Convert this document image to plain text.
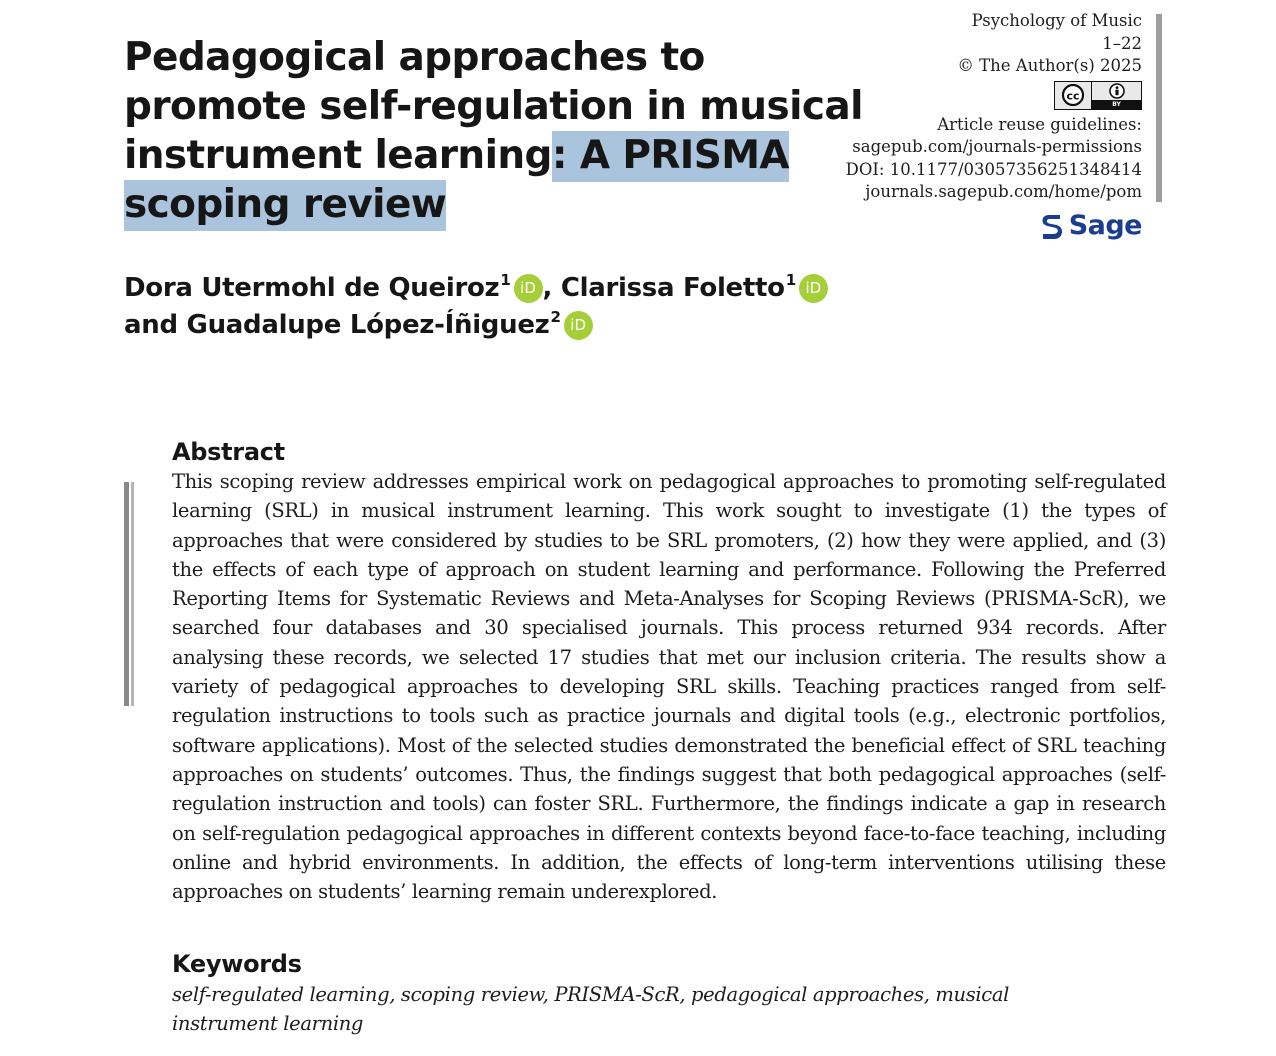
Pedagogical approaches to promote self-regulation in musical instrument learning: A PRISMA scoping review
Psychology of Music
1–22
© The Author(s) 2025
cc
BY
Article reuse guidelines:
sagepub.com/journals-permissions
DOI: 10.1177/03057356251348414
journals.sagepub.com/home/pom
Sage

Dora Utermohl de Queiroz$^1$ iD , Clarissa Foletto$^1$ iD
and Guadalupe López-Íñiguez$^2$ iD

Abstract

This scoping review addresses empirical work on pedagogical approaches to promoting self-regulated learning (SRL) in musical instrument learning. This work sought to investigate (1) the types of approaches that were considered by studies to be SRL promoters, (2) how they were applied, and (3) the effects of each type of approach on student learning and performance. Following the Preferred Reporting Items for Systematic Reviews and Meta-Analyses for Scoping Reviews (PRISMA-ScR), we searched four databases and 30 specialised journals. This process returned 934 records. After analysing these records, we selected 17 studies that met our inclusion criteria. The results show a variety of pedagogical approaches to developing SRL skills. Teaching practices ranged from self-regulation instructions to tools such as practice journals and digital tools (e.g., electronic portfolios, software applications). Most of the selected studies demonstrated the beneficial effect of SRL teaching approaches on students’ outcomes. Thus, the findings suggest that both pedagogical approaches (self-regulation instruction and tools) can foster SRL. Furthermore, the findings indicate a gap in research on self-regulation pedagogical approaches in different contexts beyond face-to-face teaching, including online and hybrid environments. In addition, the effects of long-term interventions utilising these approaches on students’ learning remain underexplored.

Keywords

self-regulated learning, scoping review, PRISMA-ScR, pedagogical approaches, musical instrument learning
